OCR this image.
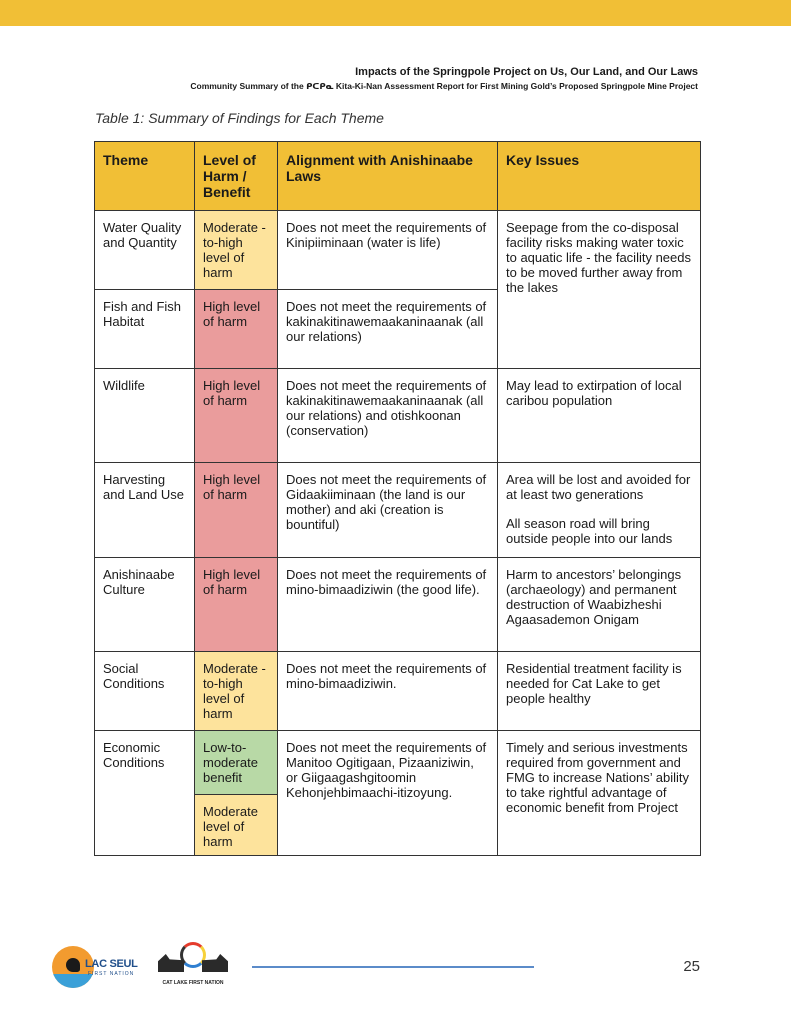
Impacts of the Springpole Project on Us, Our Land, and Our Laws
Community Summary of the ᑭᑕᑭᓇ Kita-Ki-Nan Assessment Report for First Mining Gold’s Proposed Springpole Mine Project
Table 1: Summary of Findings for Each Theme
Theme	Level of Harm / Benefit	Alignment with Anishinaabe Laws	Key Issues
Water Quality and Quantity	Moderate -to-high level of harm	Does not meet the requirements of Kinipiiminaan (water is life)	Seepage from the co-disposal facility risks making water toxic to aquatic life - the facility needs to be moved further away from the lakes
Fish and Fish Habitat	High level of harm	Does not meet the requirements of kakinakitinawemaakaninaanak (all our relations)	
Wildlife	High level of harm	Does not meet the requirements of kakinakitinawemaakaninaanak (all our relations) and otishkoonan (conservation)	May lead to extirpation of local caribou population
Harvesting and Land Use	High level of harm	Does not meet the requirements of Gidaakiiminaan (the land is our mother) and aki (creation is bountiful)	Area will be lost and avoided for at least two generations
All season road will bring outside people into our lands

Anishinaabe Culture	High level of harm	Does not meet the requirements of mino-bimaadiziwin (the good life).	Harm to ancestors’ belongings (archaeology) and permanent destruction of Waabizheshi Agaasademon Onigam
Social Conditions	Moderate -to-high level of harm	Does not meet the requirements of mino-bimaadiziwin.	Residential treatment facility is needed for Cat Lake to get people healthy
Economic Conditions	Low-to-moderate benefit	Does not meet the requirements of Manitoo Ogitigaan, Pizaaniziwin, or Giigaagashgitoomin Kehonjehbimaachi-itizoyung.	Timely and serious investments required from government and FMG to increase Nations’ ability to take rightful advantage of economic benefit from Project
	Moderate level of harm		
LAC SEUL
FIRST NATION
CAT LAKE FIRST NATION
25
